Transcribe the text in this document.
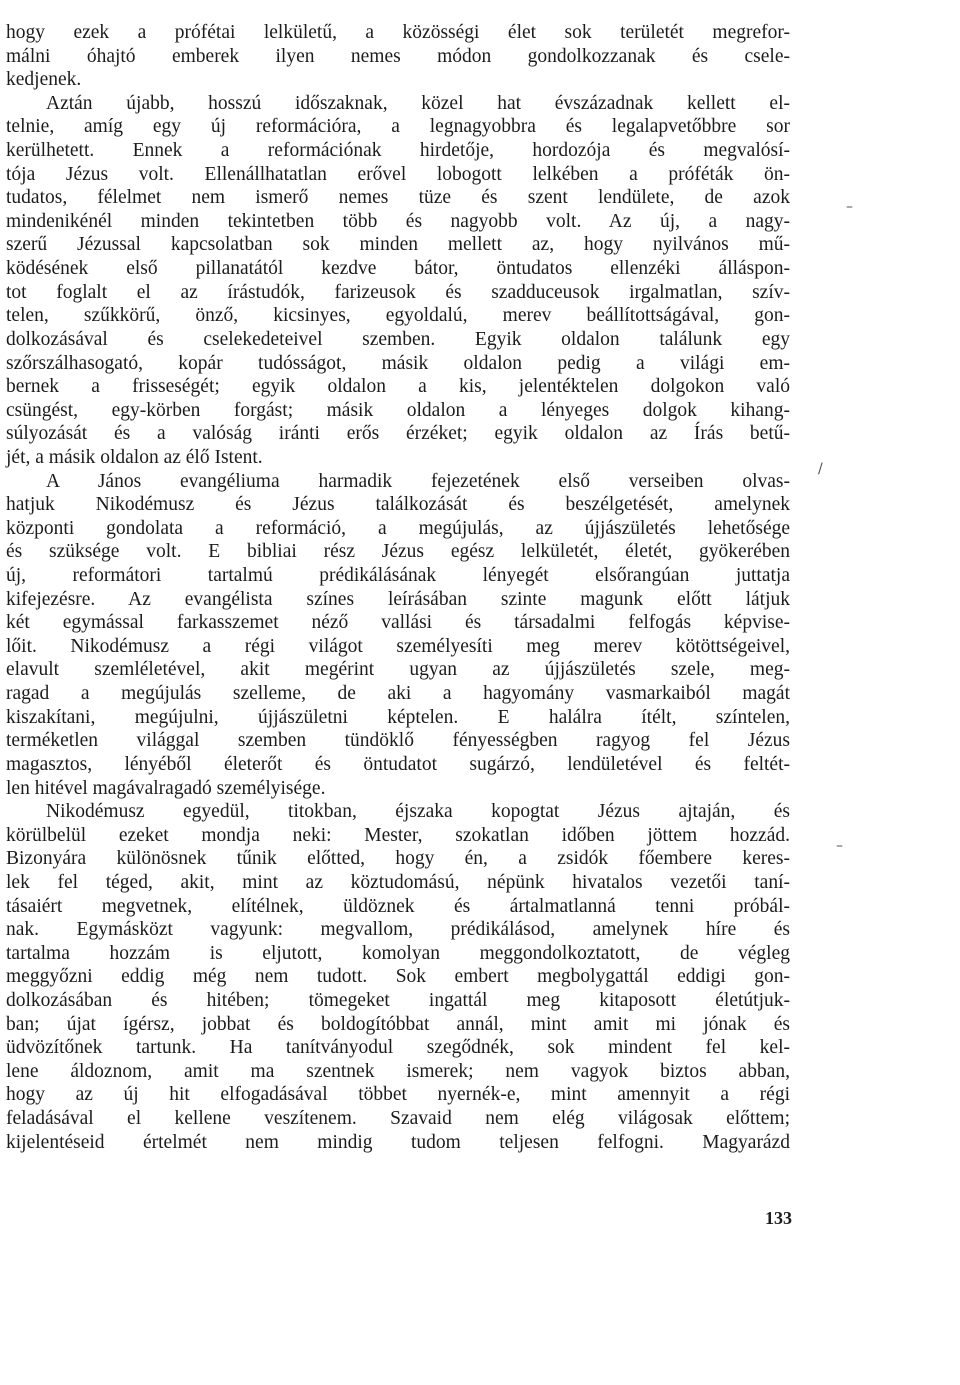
hogy ezek a prófétai lelkületű, a közösségi élet sok területét megrefor-
málni óhajtó emberek ilyen nemes módon gondolkozzanak és csele-
kedjenek.
Aztán újabb, hosszú időszaknak, közel hat évszázadnak kellett el-
telnie, amíg egy új reformációra, a legnagyobbra és legalapvetőbbre sor
kerülhetett. Ennek a reformációnak hirdetője, hordozója és megvalósí-
tója Jézus volt. Ellenállhatatlan erővel lobogott lelkében a próféták ön-
tudatos, félelmet nem ismerő nemes tüze és szent lendülete, de azok
mindenikénél minden tekintetben több és nagyobb volt. Az új, a nagy-
szerű Jézussal kapcsolatban sok minden mellett az, hogy nyilvános mű-
ködésének első pillanatától kezdve bátor, öntudatos ellenzéki álláspon-
tot foglalt el az írástudók, farizeusok és szadduceusok irgalmatlan, szív-
telen, szűkkörű, önző, kicsinyes, egyoldalú, merev beállítottságával, gon-
dolkozásával és cselekedeteivel szemben. Egyik oldalon találunk egy
szőrszálhasogató, kopár tudósságot, másik oldalon pedig a világi em-
bernek a frisseségét; egyik oldalon a kis, jelentéktelen dolgokon való
csüngést, egy-körben forgást; másik oldalon a lényeges dolgok kihang-
súlyozását és a valóság iránti erős érzéket; egyik oldalon az Írás betű-
jét, a másik oldalon az élő Istent.
A János evangéliuma harmadik fejezetének első verseiben olvas-
hatjuk Nikodémusz és Jézus találkozását és beszélgetését, amelynek
központi gondolata a reformáció, a megújulás, az újjászületés lehetősége
és szüksége volt. E bibliai rész Jézus egész lelkületét, életét, gyökerében
új, reformátori tartalmú prédikálásának lényegét elsőrangúan juttatja
kifejezésre. Az evangélista színes leírásában szinte magunk előtt látjuk
két egymással farkasszemet néző vallási és társadalmi felfogás képvise-
lőit. Nikodémusz a régi világot személyesíti meg merev kötöttségeivel,
elavult szemléletével, akit megérint ugyan az újjászületés szele, meg-
ragad a megújulás szelleme, de aki a hagyomány vasmarkaiból magát
kiszakítani, megújulni, újjászületni képtelen. E halálra ítélt, színtelen,
terméketlen világgal szemben tündöklő fényességben ragyog fel Jézus
magasztos, lényéből életerőt és öntudatot sugárzó, lendületével és feltét-
len hitével magávalragadó személyisége.
Nikodémusz egyedül, titokban, éjszaka kopogtat Jézus ajtaján, és
körülbelül ezeket mondja neki: Mester, szokatlan időben jöttem hozzád.
Bizonyára különösnek tűnik előtted, hogy én, a zsidók főembere keres-
lek fel téged, akit, mint az köztudomású, népünk hivatalos vezetői taní-
tásaiért megvetnek, elítélnek, üldöznek és ártalmatlanná tenni próbál-
nak. Egymásközt vagyunk: megvallom, prédikálásod, amelynek híre és
tartalma hozzám is eljutott, komolyan meggondolkoztatott, de végleg
meggyőzni eddig még nem tudott. Sok embert megbolygattál eddigi gon-
dolkozásában és hitében; tömegeket ingattál meg kitaposott életútjuk-
ban; újat ígérsz, jobbat és boldogítóbbat annál, mint amit mi jónak és
üdvözítőnek tartunk. Ha tanítványodul szegődnék, sok mindent fel kel-
lene áldoznom, amit ma szentnek ismerek; nem vagyok biztos abban,
hogy az új hit elfogadásával többet nyernék-e, mint amennyit a régi
feladásával el kellene veszítenem. Szavaid nem elég világosak előttem;
kijelentéseid értelmét nem mindig tudom teljesen felfogni. Magyarázd
133
–
/
–
